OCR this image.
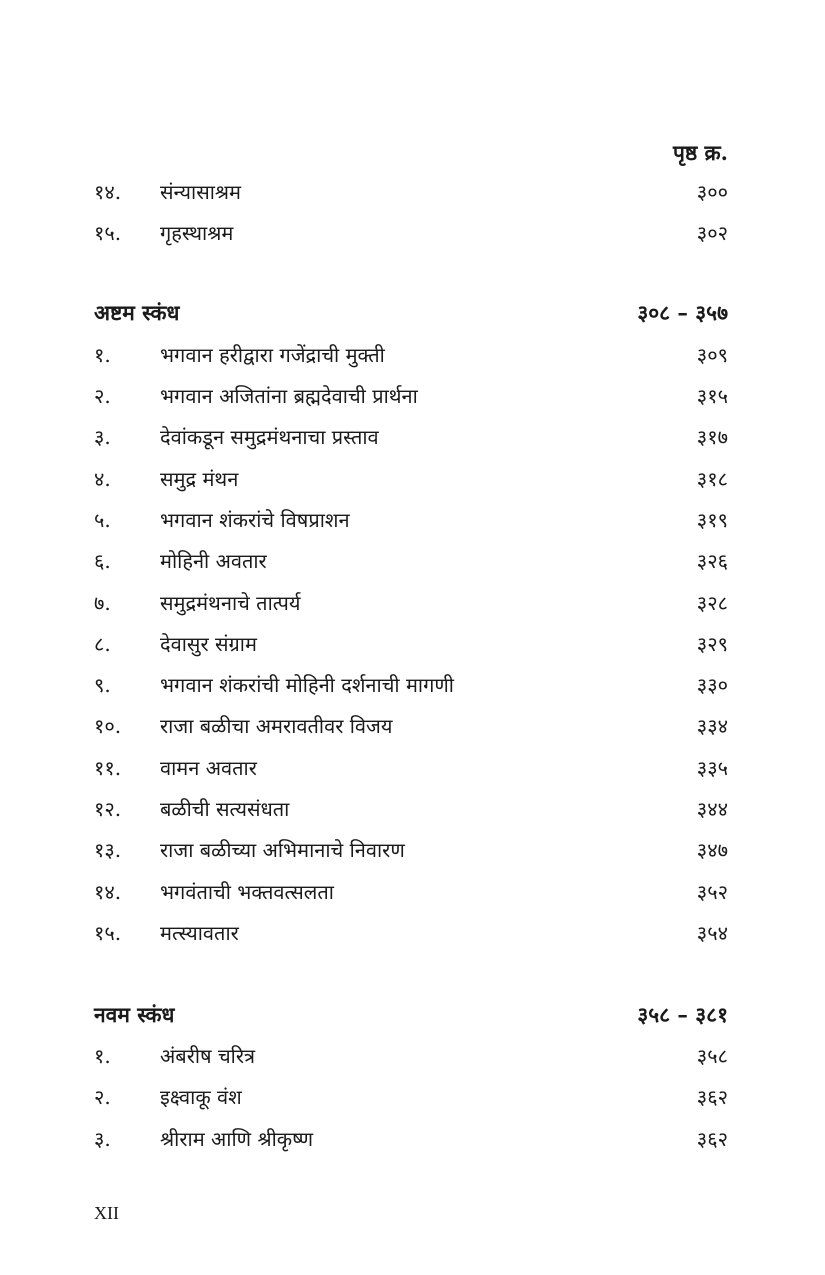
पृष्ठ क्र.
१४.	संन्यासाश्रम	३००
१५.	गृहस्थाश्रम	३०२
अष्टम स्कंध	३०८ – ३५७
१.	भगवान हरीद्वारा गजेंद्राची मुक्ती	३०९
२.	भगवान अजितांना ब्रह्मदेवाची प्रार्थना	३१५
३.	देवांकडून समुद्रमंथनाचा प्रस्ताव	३१७
४.	समुद्र मंथन	३१८
५.	भगवान शंकरांचे विषप्राशन	३१९
६.	मोहिनी अवतार	३२६
७.	समुद्रमंथनाचे तात्पर्य	३२८
८.	देवासुर संग्राम	३२९
९.	भगवान शंकरांची मोहिनी दर्शनाची मागणी	३३०
१०.	राजा बळीचा अमरावतीवर विजय	३३४
११.	वामन अवतार	३३५
१२.	बळीची सत्यसंधता	३४४
१३.	राजा बळीच्या अभिमानाचे निवारण	३४७
१४.	भगवंताची भक्तवत्सलता	३५२
१५.	मत्स्यावतार	३५४
नवम स्कंध	३५८ – ३८१
१.	अंबरीष चरित्र	३५८
२.	इक्ष्वाकू वंश	३६२
३.	श्रीराम आणि श्रीकृष्ण	३६२
XII
